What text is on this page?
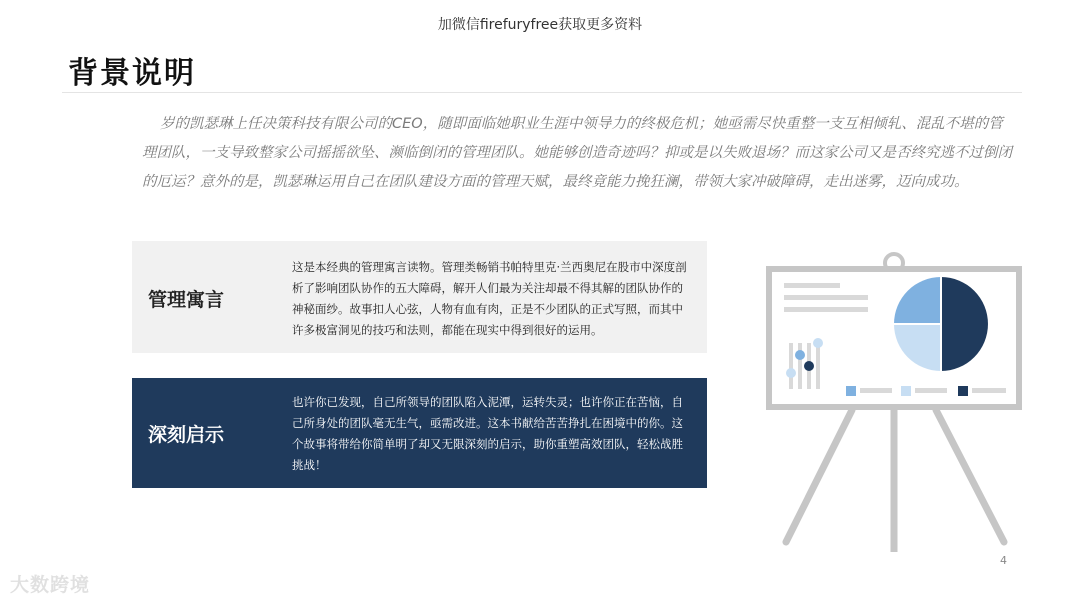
加微信firefuryfree获取更多资料
背景说明
岁的凯瑟琳上任决策科技有限公司的CEO，随即面临她职业生涯中领导力的终极危机；她亟需尽快重整一支互相倾轧、混乱不堪的管理团队，一支导致整家公司摇摇欲坠、濒临倒闭的管理团队。她能够创造奇迹吗？抑或是以失败退场？而这家公司又是否终究逃不过倒闭的厄运？意外的是，凯瑟琳运用自己在团队建设方面的管理天赋，最终竟能力挽狂澜，带领大家冲破障碍，走出迷雾，迈向成功。
管理寓言
这是本经典的管理寓言读物。管理类畅销书帕特里克·兰西奥尼在股市中深度剖析了影响团队协作的五大障碍，解开人们最为关注却最不得其解的团队协作的神秘面纱。故事扣人心弦，人物有血有肉，正是不少团队的正式写照，而其中许多极富洞见的技巧和法则，都能在现实中得到很好的运用。
深刻启示
也许你已发现，自己所领导的团队陷入泥潭，运转失灵；也许你正在苦恼，自己所身处的团队毫无生气，亟需改进。这本书献给苦苦挣扎在困境中的你。这个故事将带给你简单明了却又无限深刻的启示，助你重塑高效团队，轻松战胜挑战！
4
大数跨境
